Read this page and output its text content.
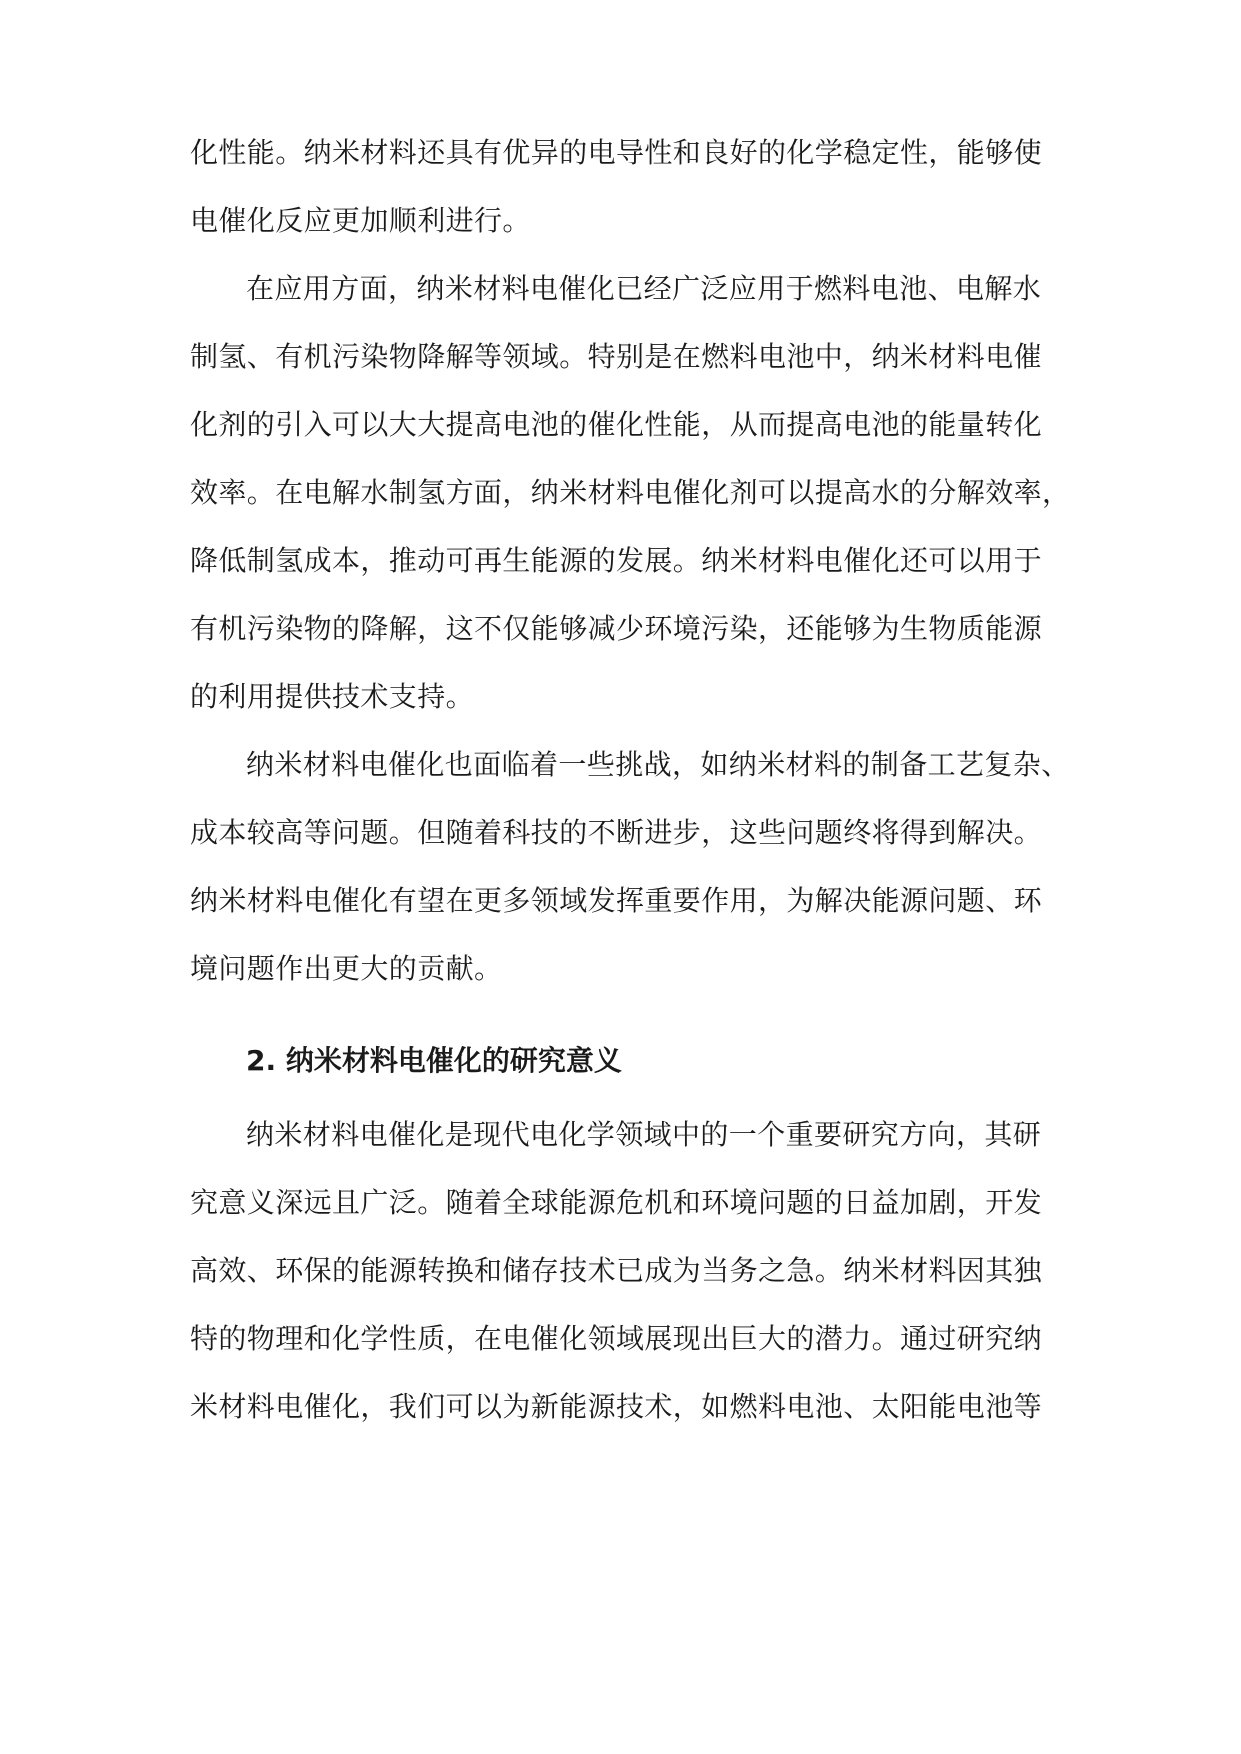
化性能。纳米材料还具有优异的电导性和良好的化学稳定性，能够使
电催化反应更加顺利进行。
在应用方面，纳米材料电催化已经广泛应用于燃料电池、电解水
制氢、有机污染物降解等领域。特别是在燃料电池中，纳米材料电催
化剂的引入可以大大提高电池的催化性能，从而提高电池的能量转化
效率。在电解水制氢方面，纳米材料电催化剂可以提高水的分解效率，
降低制氢成本，推动可再生能源的发展。纳米材料电催化还可以用于
有机污染物的降解，这不仅能够减少环境污染，还能够为生物质能源
的利用提供技术支持。
纳米材料电催化也面临着一些挑战，如纳米材料的制备工艺复杂、
成本较高等问题。但随着科技的不断进步，这些问题终将得到解决。
纳米材料电催化有望在更多领域发挥重要作用，为解决能源问题、环
境问题作出更大的贡献。
2. 纳米材料电催化的研究意义
纳米材料电催化是现代电化学领域中的一个重要研究方向，其研
究意义深远且广泛。随着全球能源危机和环境问题的日益加剧，开发
高效、环保的能源转换和储存技术已成为当务之急。纳米材料因其独
特的物理和化学性质，在电催化领域展现出巨大的潜力。通过研究纳
米材料电催化，我们可以为新能源技术，如燃料电池、太阳能电池等
